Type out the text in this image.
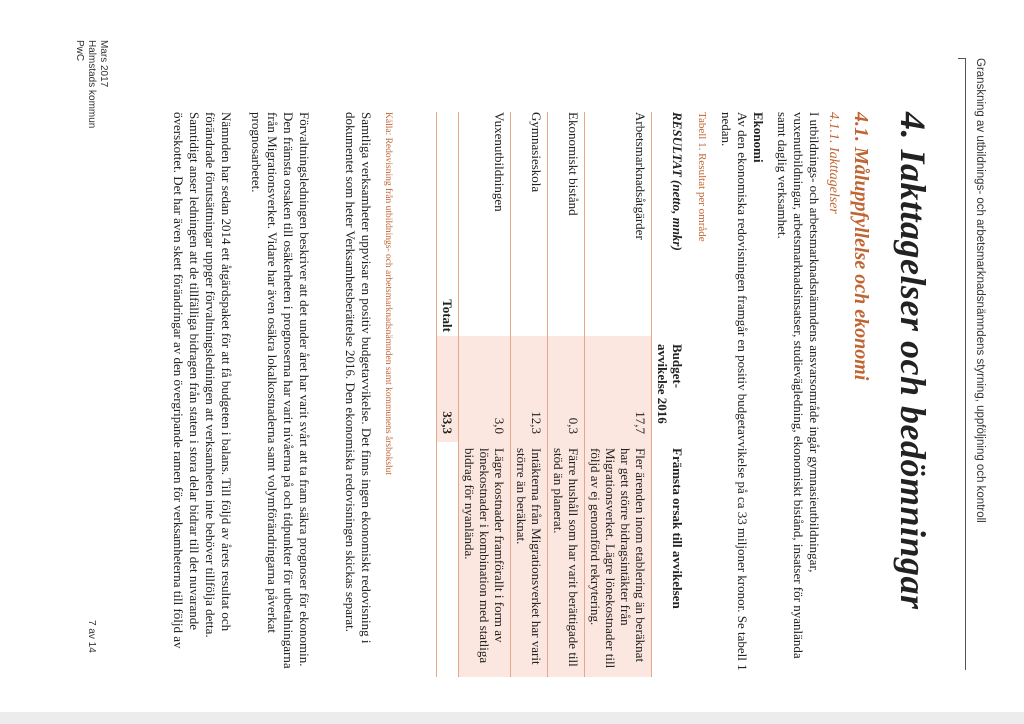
Granskning av utbildnings- och arbetsmarknadsnämndens styrning, uppföljning och kontroll
4. Iakttagelser och bedömningar
4.1. Måluppfyllelse och ekonomi
4.1.1. Iakttagelser
I utbildnings- och arbetsmarknadsnämndens ansvarsområde ingår gymnasieutbildningar, vuxenutbildningar, arbetsmarknadsinsatser, studievägledning, ekonomiskt bistånd, insatser för nyanlända samt daglig verksamhet.
Ekonomi
Av den ekonomiska redovisningen framgår en positiv budgetavvikelse på ca 33 miljoner kronor. Se tabell 1 nedan.
Tabell 1. Resultat per område
RESULTAT (netto, mnkr)
Budget-avvikelse 2016
Främsta orsak till avvikelsen
Arbetsmarknadsåtgärder
17,7
Fler ärenden inom etablering än beräknat har gett större bidragsintäkter från Migrationsverket. Lägre lönekostnader till följd av ej genomförd rekrytering.
Ekonomiskt bistånd
0,3
Färre hushåll som har varit berättigade till stöd än planerat.
Gymnasieskola
12,3
Intäkterna från Migrationsverket har varit större än beräknat.
Vuxenutbildningen
3,0
Lägre kostnader framförallt i form av lönekostnader i kombination med statliga bidrag för nyanlända.
Totalt
33,3
Källa: Redovisning från utbildnings- och arbetsmarknadsnämnden samt kommunens årsbokslut
Samtliga verksamheter uppvisar en positiv budgetavvikelse. Det finns ingen ekonomiskt redovisning i dokumentet som heter Verksamhetsberättelse 2016. Den ekonomiska redovisningen skickas separat.
Förvaltningsledningen beskriver att det under året har varit svårt att ta fram säkra prognoser för ekonomin. Den främsta orsaken till osäkerheten i prognoserna har varit nivåerna på och tidpunkter för utbetalningarna från Migrationsverket. Vidare har även osäkra lokalkostnaderna samt volymförändringarna påverkat prognosarbetet.
Nämnden har sedan 2014 ett åtgärdspaket för att få budgeten i balans. Till följd av årets resultat och förändrade förutsättningar uppger förvaltningsledningen att verksamheten inte behöver tillfölja detta. Samtidigt anser ledningen att de tillfälliga bidragen från staten i stora delar bidrar till det nuvarande överskottet. Det har även skett förändringar av den övergripande ramen för verksamheterna till följd av
Mars 2017
Halmstads kommun
PwC
7 av 14
